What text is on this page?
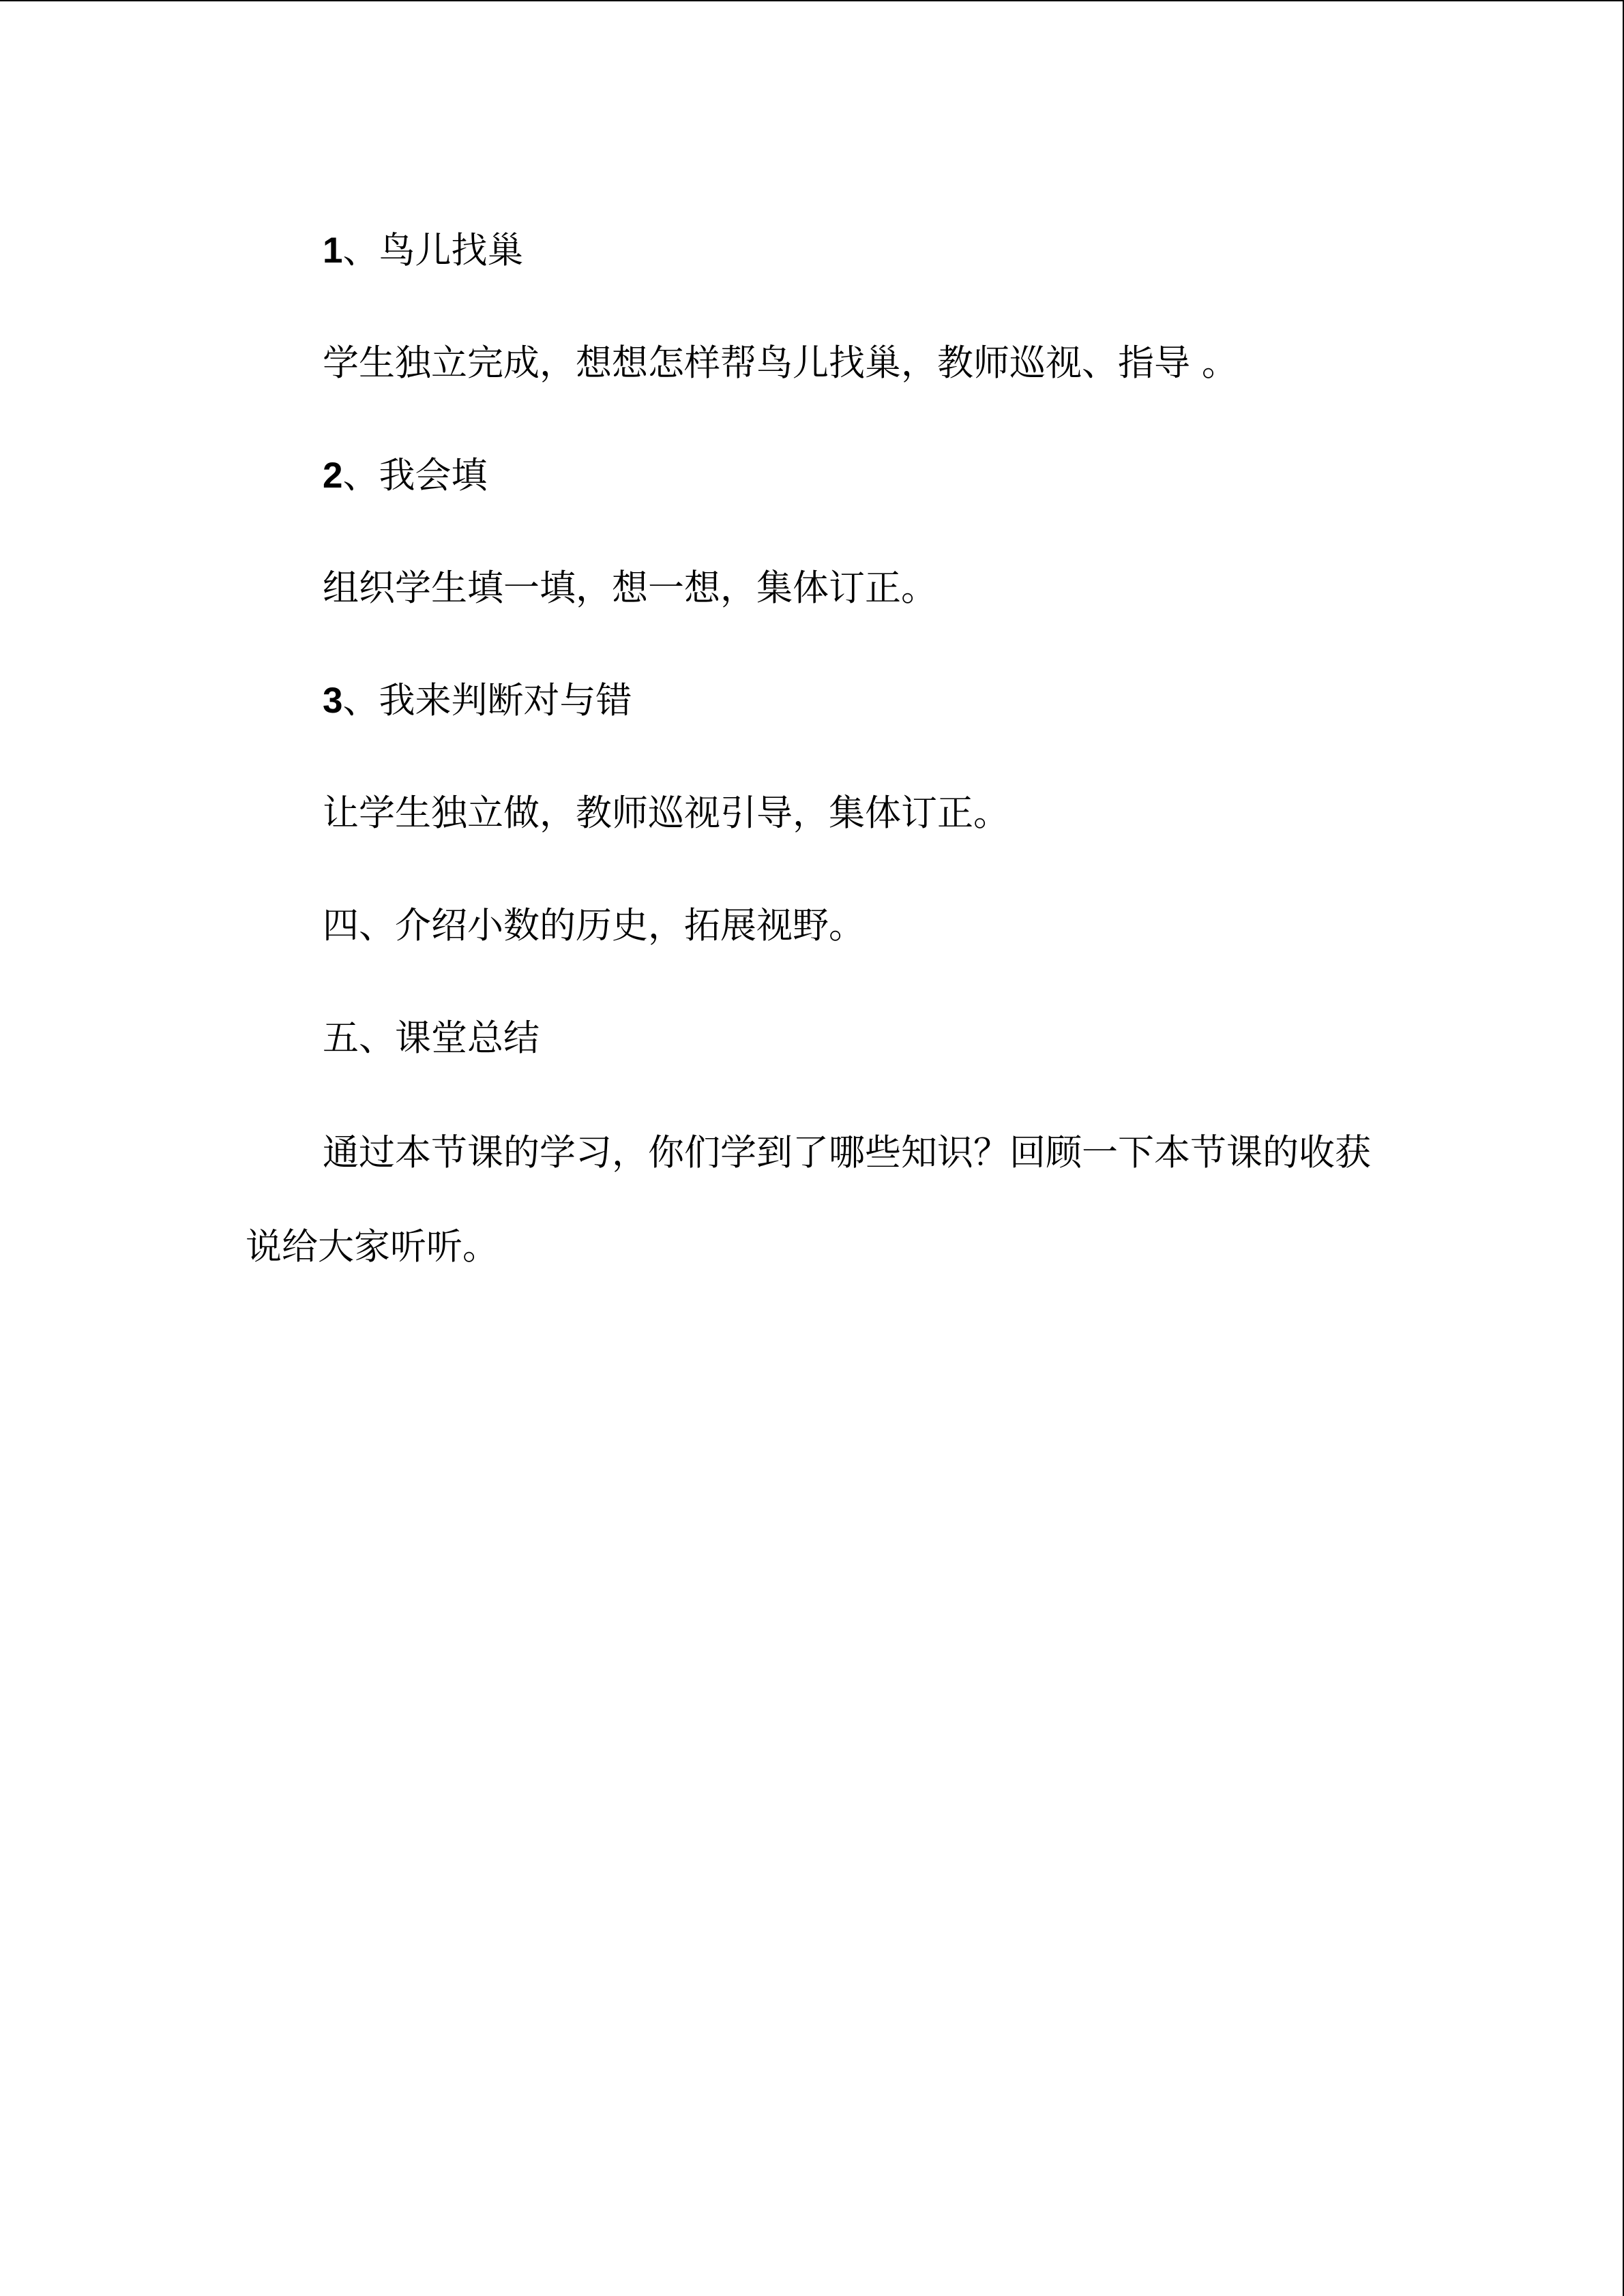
1、鸟儿找巢

学生独立完成，想想怎样帮鸟儿找巢，教师巡视、指导 。

2、我会填

组织学生填一填，想一想，集体订正。

3、我来判断对与错

让学生独立做，教师巡视引导，集体订正。

四、介绍小数的历史，拓展视野。

五、课堂总结

通过本节课的学习，你们学到了哪些知识？回顾一下本节课的收获说给大家听听。
